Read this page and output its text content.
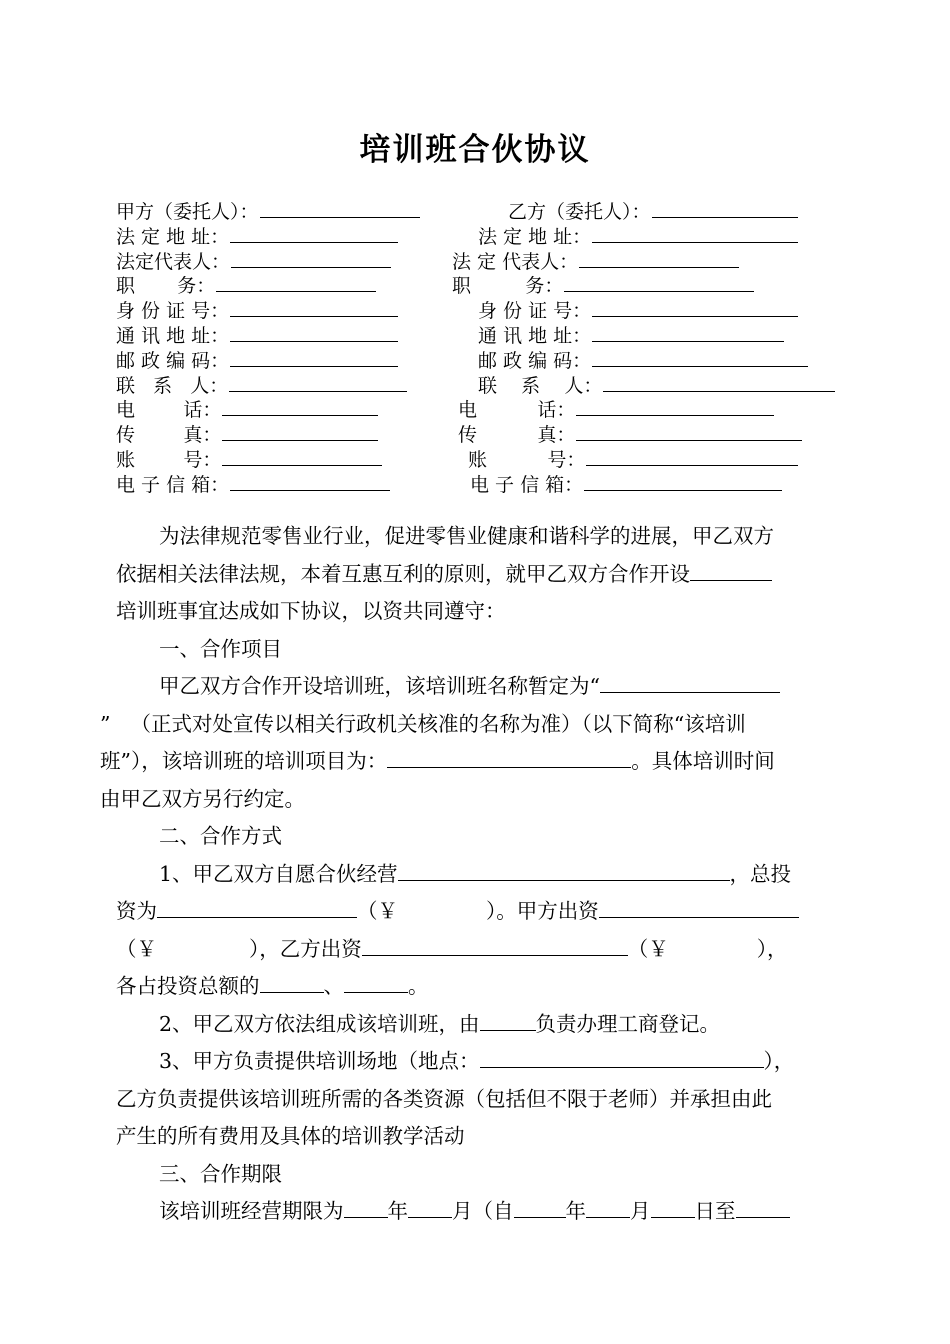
培训班合伙协议
甲方（委托人）：	乙方（委托人）：
法 定 地 址：	法 定 地 址：
法定代表人：	法 定 代表人：
职       务：	职         务：
身 份 证 号：	身 份 证 号：
通 讯 地 址：	通 讯 地 址：
邮 政 编 码：	邮 政 编 码：
联   系   人：	联    系    人：
电        话：	电          话：
传        真：	传          真：
账        号：	账          号：
电 子 信 箱：	电 子 信 箱：

为法律规范零售业行业，促进零售业健康和谐科学的进展，甲乙双方

依据相关法律法规，本着互惠互利的原则，就甲乙双方合作开设

培训班事宜达成如下协议，以资共同遵守：

一、合作项目

甲乙双方合作开设培训班，该培训班名称暂定为“

” （正式对处宣传以相关行政机关核准的名称为准）（以下简称“该培训

班”），该培训班的培训项目为：	。具体培训时间

由甲乙双方另行约定。

二、合作方式

1、甲乙双方自愿合伙经营	，总投

资为	（￥	）。甲方出资

（￥	），乙方出资	（￥	），

各占投资总额的	、	。

2、甲乙双方依法组成该培训班，由	负责办理工商登记。

3、甲方负责提供培训场地（地点：	），

乙方负责提供该培训班所需的各类资源（包括但不限于老师）并承担由此

产生的所有费用及具体的培训教学活动

三、合作期限

该培训班经营期限为 年 月（自	年 月 日至
